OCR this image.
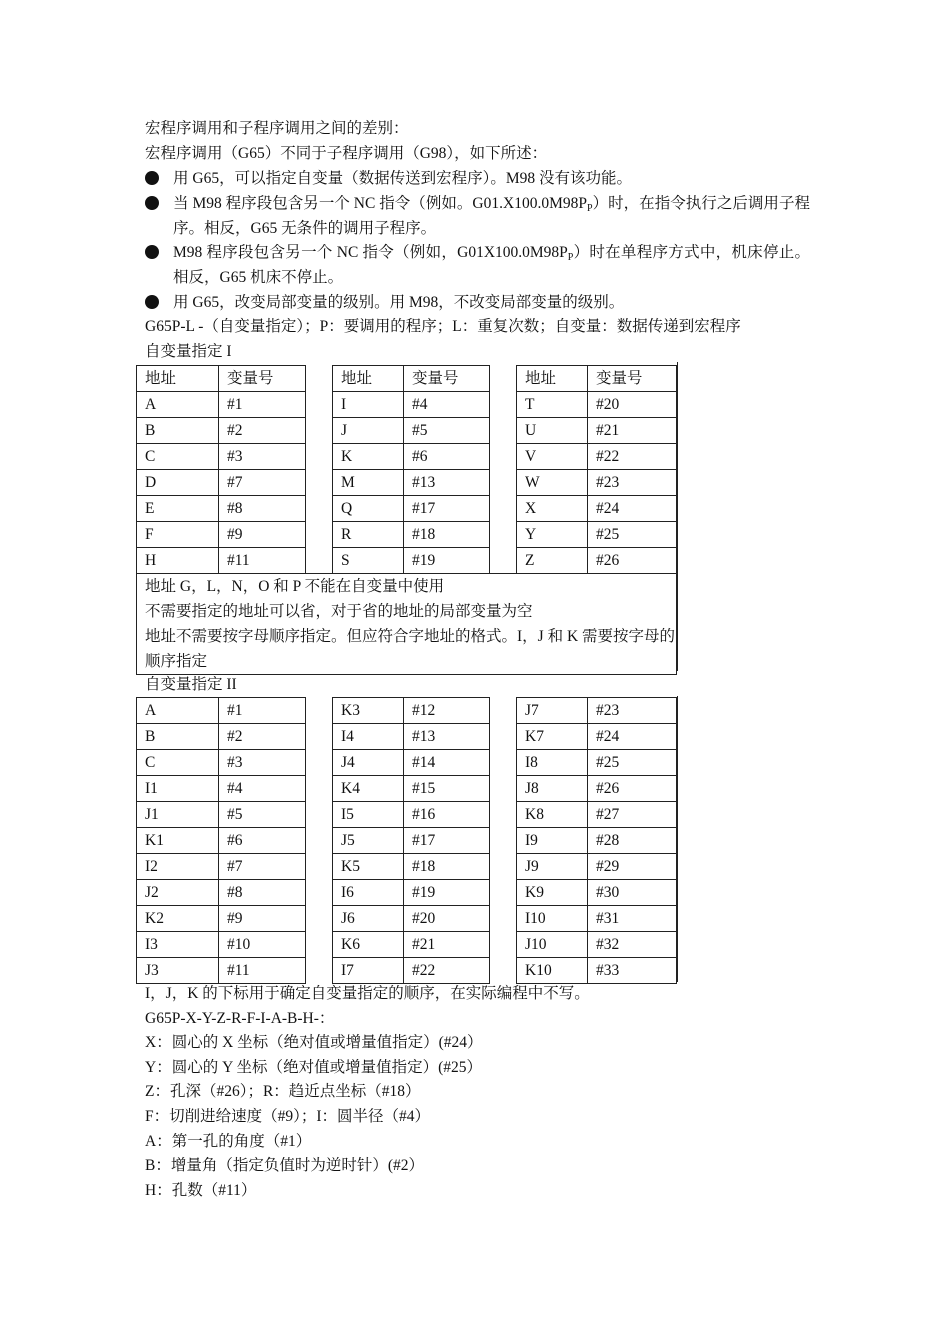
宏程序调用和子程序调用之间的差别：
宏程序调用（G65）不同于子程序调用（G98），如下所述：
用 G65，可以指定自变量（数据传送到宏程序）。M98 没有该功能。
当 M98 程序段包含另一个 NC 指令（例如。$G01.X100.0M98P_P$）时，在指令执行之后调用子程序。相反，G65 无条件的调用子程序。
M98 程序段包含另一个 NC 指令（例如，$G01X100.0M98P_P$）时在单程序方式中，机床停止。相反，G65 机床不停止。
用 G65，改变局部变量的级别。用 M98，不改变局部变量的级别。
G65P-L -（自变量指定）；P：要调用的程序；L：重复次数；自变量：数据传递到宏程序
自变量指定 I
地址	变量号		地址	变量号		地址	变量号
A	#1		I	#4		T	#20
B	#2		J	#5		U	#21
C	#3		K	#6		V	#22
D	#7		M	#13		W	#23
E	#8		Q	#17		X	#24
F	#9		R	#18		Y	#25
H	#11		S	#19		Z	#26

地址 G，L，N，O 和 P 不能在自变量中使用
不需要指定的地址可以省，对于省的地址的局部变量为空
地址不需要按字母顺序指定。但应符合字地址的格式。I，J 和 K 需要按字母的顺序指定							
自变量指定 II
A	#1		K3	#12		J7	#23
B	#2		I4	#13		K7	#24
C	#3		J4	#14		I8	#25
I1	#4		K4	#15		J8	#26
J1	#5		I5	#16		K8	#27
K1	#6		J5	#17		I9	#28
I2	#7		K5	#18		J9	#29
J2	#8		I6	#19		K9	#30
K2	#9		J6	#20		I10	#31
I3	#10		K6	#21		J10	#32
J3	#11		I7	#22		K10	#33
I，J，K 的下标用于确定自变量指定的顺序，在实际编程中不写。
G65P-X-Y-Z-R-F-I-A-B-H-：
X：圆心的 X 坐标（绝对值或增量值指定）(#24）
Y：圆心的 Y 坐标（绝对值或增量值指定）(#25）
Z：孔深（#26）；R：趋近点坐标（#18）
F：切削进给速度（#9）；I：圆半径（#4）
A：第一孔的角度（#1）
B：增量角（指定负值时为逆时针）(#2）
H：孔数（#11）
